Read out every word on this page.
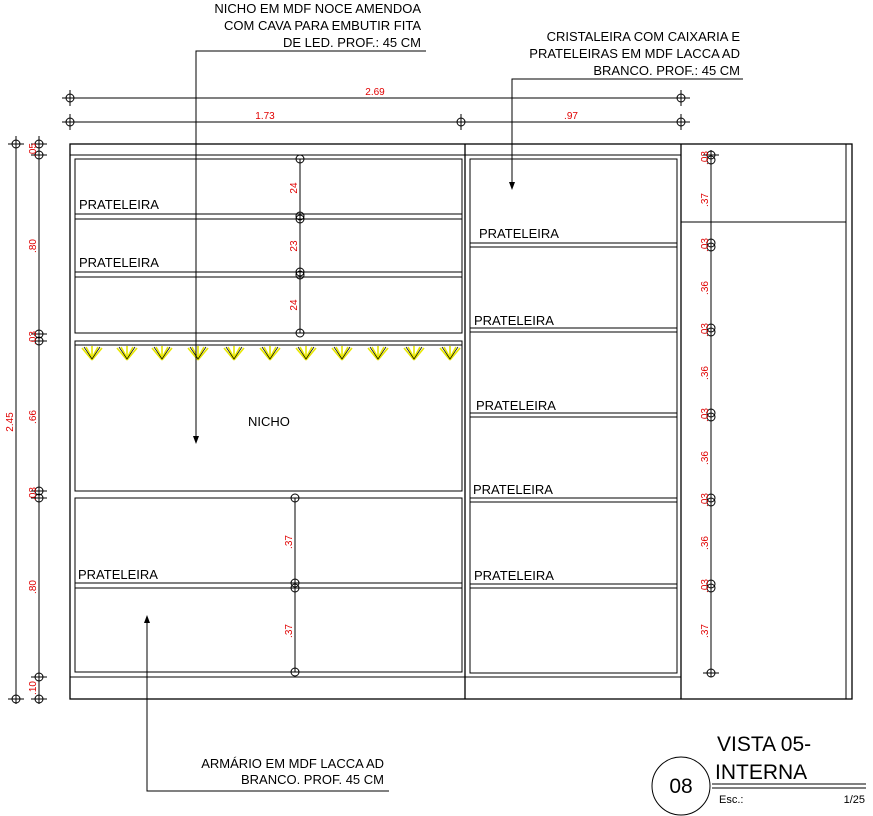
2.69
1.73	.97
2.45
.05
.80
.03
.66
.03
.80
.10
24
23
24
PRATELEIRA
PRATELEIRA
NICHO
.37
.37
PRATELEIRA
PRATELEIRA
PRATELEIRA
PRATELEIRA
PRATELEIRA
PRATELEIRA
.03
.37
.03
.36
.03
.36
.03
.36
.03
.36
.03
.37
NICHO EM MDF NOCE AMENDOA
COM CAVA PARA EMBUTIR FITA
DE LED. PROF.: 45 CM	CRISTALEIRA COM CAIXARIA E
PRATELEIRAS EM MDF LACCA AD
BRANCO. PROF.: 45 CM
ARMÁRIO EM MDF LACCA AD
BRANCO. PROF. 45 CM	08
VISTA 05-
INTERNA
Esc.:	1/25
